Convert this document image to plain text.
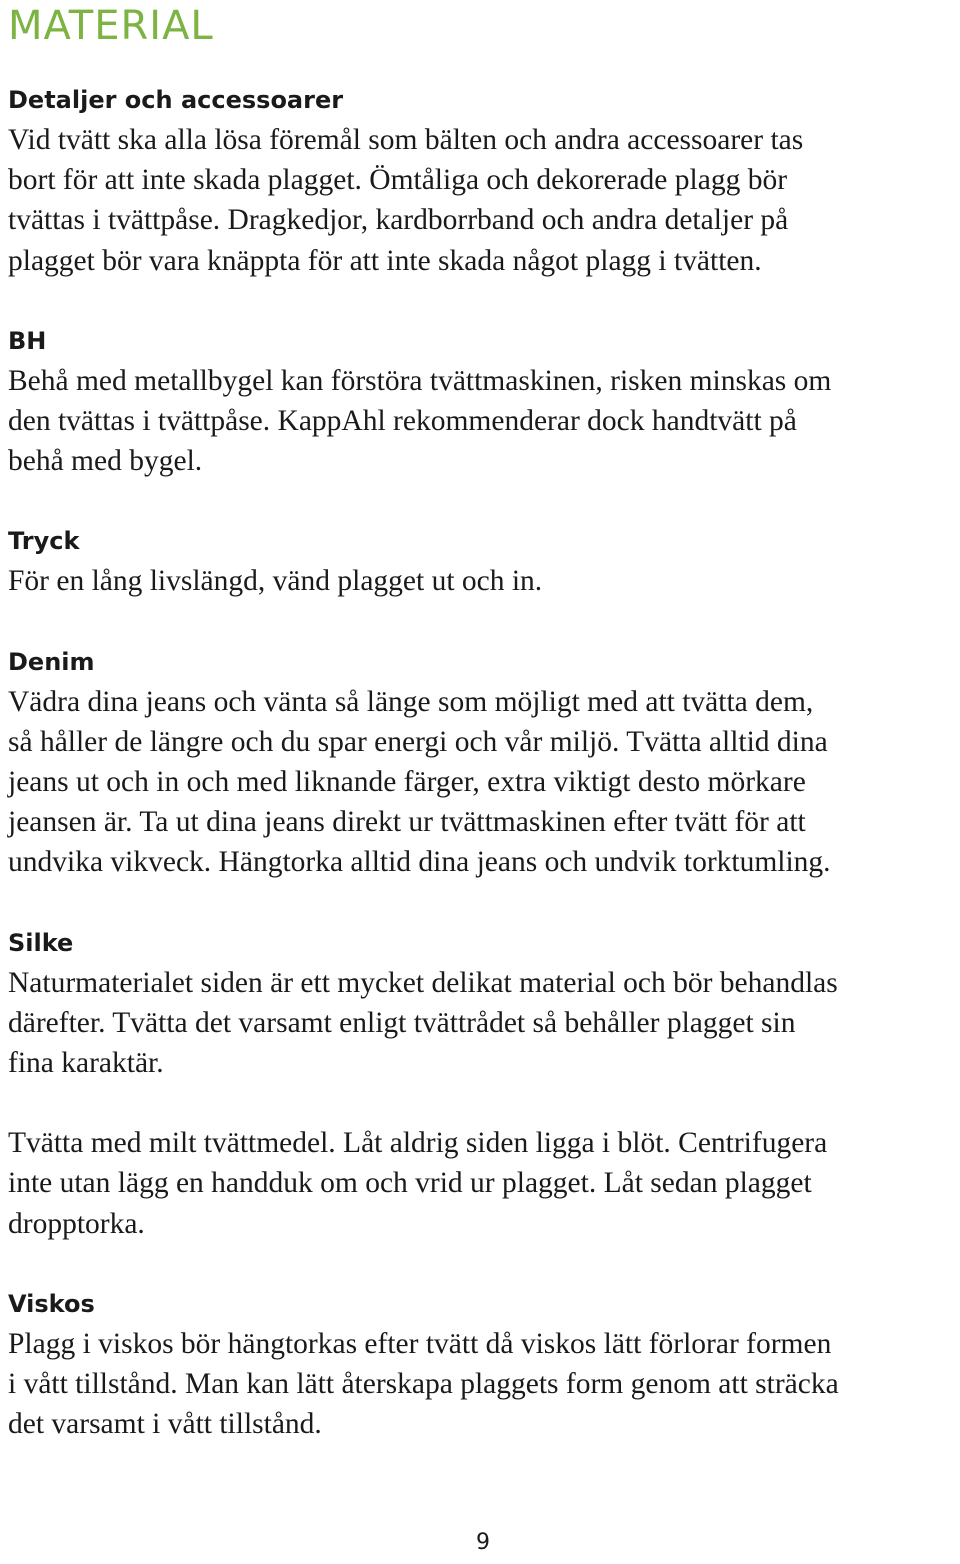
MATERIAL
Detaljer och accessoarer

Vid tvätt ska alla lösa föremål som bälten och andra accessoarer tas
bort för att inte skada plagget. Ömtåliga och dekorerade plagg bör
tvättas i tvättpåse. Dragkedjor, kardborrband och andra detaljer på
plagget bör vara knäppta för att inte skada något plagg i tvätten.

BH

Behå med metallbygel kan förstöra tvättmaskinen, risken minskas om
den tvättas i tvättpåse. KappAhl rekommenderar dock handtvätt på
behå med bygel.

Tryck

För en lång livslängd, vänd plagget ut och in.

Denim

Vädra dina jeans och vänta så länge som möjligt med att tvätta dem,
så håller de längre och du spar energi och vår miljö. Tvätta alltid dina
jeans ut och in och med liknande färger, extra viktigt desto mörkare
jeansen är. Ta ut dina jeans direkt ur tvättmaskinen efter tvätt för att
undvika vikveck. Hängtorka alltid dina jeans och undvik torktumling.

Silke

Naturmaterialet siden är ett mycket delikat material och bör behandlas
därefter. Tvätta det varsamt enligt tvättrådet så behåller plagget sin
fina karaktär.

Tvätta med milt tvättmedel. Låt aldrig siden ligga i blöt. Centrifugera
inte utan lägg en handduk om och vrid ur plagget. Låt sedan plagget
dropptorka.

Viskos

Plagg i viskos bör hängtorkas efter tvätt då viskos lätt förlorar formen
i vått tillstånd. Man kan lätt återskapa plaggets form genom att sträcka
det varsamt i vått tillstånd.

9
